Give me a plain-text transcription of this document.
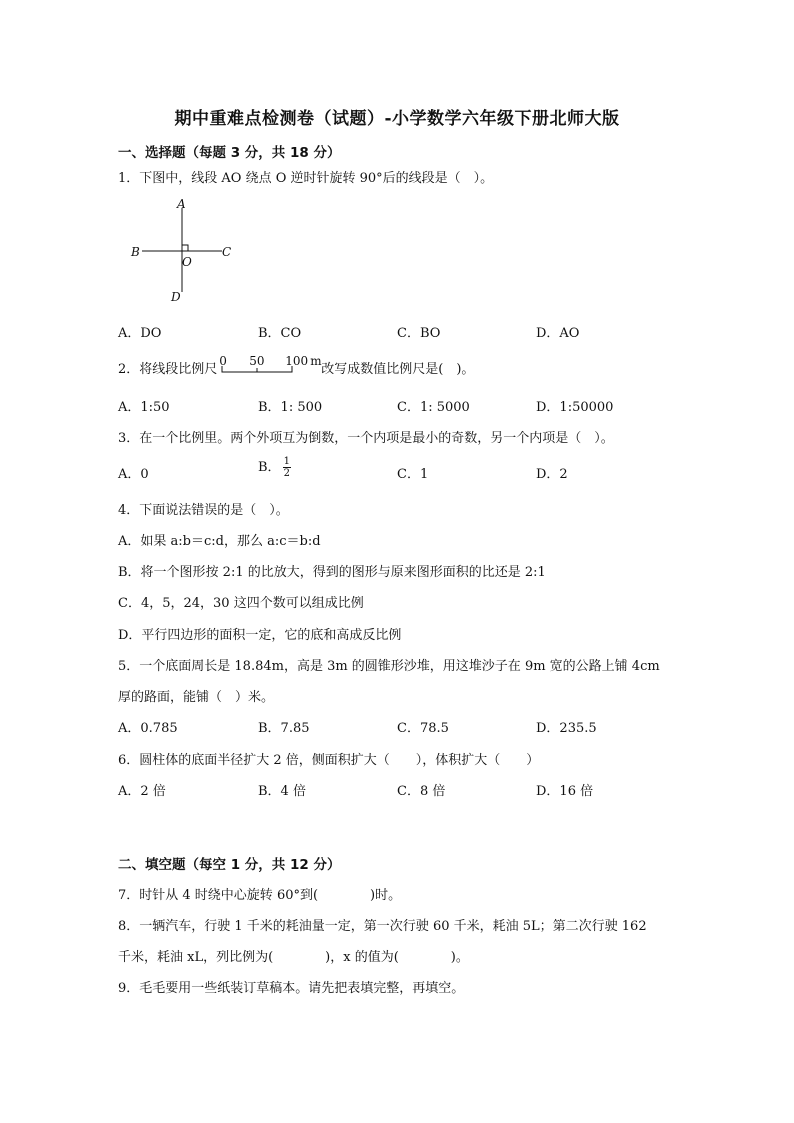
期中重难点检测卷（试题）-小学数学六年级下册北师大版
一、选择题（每题 3 分，共 18 分）
1．下图中，线段 AO 绕点 O 逆时针旋转 90°后的线段是（　）。
A
B
O
C
D
A．DO	B．CO	C．BO	D．AO
2．将线段比例尺
0 50 100 m
改写成数值比例尺是(　)。
A．1:50	B．1: 500	C．1: 5000	D．1:50000
3．在一个比例里。两个外项互为倒数，一个内项是最小的奇数，另一个内项是（　）。
A．0	B． $\frac{1}{2}$	C．1	D．2
4．下面说法错误的是（　）。
A．如果 a:b＝c:d，那么 a:c＝b:d
B．将一个图形按 2:1 的比放大，得到的图形与原来图形面积的比还是 2:1
C．4，5，24，30 这四个数可以组成比例
D．平行四边形的面积一定，它的底和高成反比例
5．一个底面周长是 18.84m，高是 3m 的圆锥形沙堆，用这堆沙子在 9m 宽的公路上铺 4cm
厚的路面，能铺（　）米。
A．0.785	B．7.85	C．78.5	D．235.5
6．圆柱体的底面半径扩大 2 倍，侧面积扩大（　　），体积扩大（　　）
A．2 倍	B．4 倍	C．8 倍	D．16 倍
二、填空题（每空 1 分，共 12 分）
7．时针从 4 时绕中心旋转 60°到(　　　　)时。
8．一辆汽车，行驶 1 千米的耗油量一定，第一次行驶 60 千米，耗油 5L；第二次行驶 162
千米，耗油 xL，列比例为(　　　　)，x 的值为(　　　　)。
9．毛毛要用一些纸装订草稿本。请先把表填完整，再填空。
